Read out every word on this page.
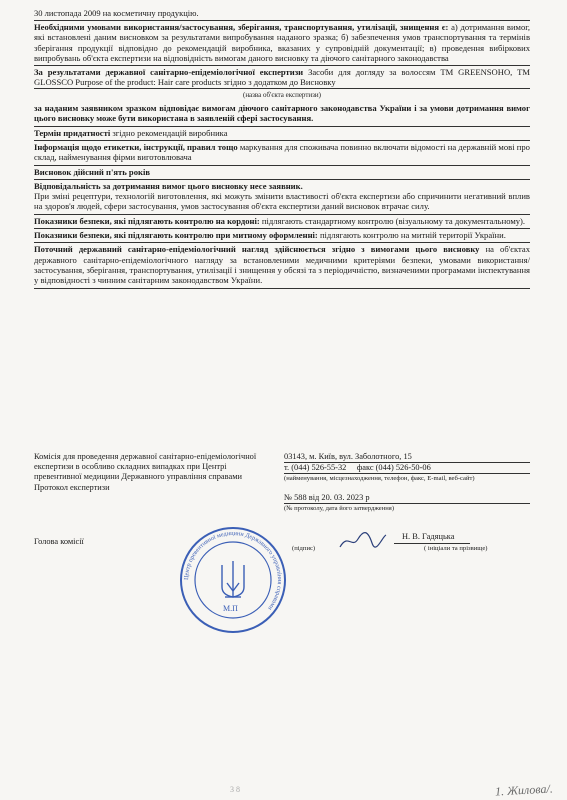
30 листопада 2009 на косметичну продукцію.
Необхідними умовами використання/застосування, зберігання, транспортування, утилізації, знищення є: а) дотримання вимог, які встановлені даним висновком за результатами випробування наданого зразка; б) забезпечення умов транспортування та термінів зберігання продукції відповідно до рекомендацій виробника, вказаних у супровідній документації; в) проведення вибіркових випробувань об'єкта експертизи на відповідність вимогам даного висновку та діючого санітарного законодавства
За результатами державної санітарно-епідеміологічної експертизи Засоби для догляду за волоссям TM GREENSOHO, TM GLOSSCO Purpose of the product: Hair care products згідно з додатком до Висновку
(назва об'єкта експертизи)
за наданим заявником зразком відповідає вимогам діючого санітарного законодавства України і за умови дотримання вимог цього висновку може бути використана в заявленій сфері застосування.
Термін придатності згідно рекомендацій виробника
Інформація щодо етикетки, інструкції, правил тощо маркування для споживача повинно включати відомості на державній мові про склад, найменування фірми виготовлювача
Висновок дійсний п'ять років
Відповідальність за дотримання вимог цього висновку несе заявник.
При зміні рецептури, технологій виготовлення, які можуть змінити властивості об'єкта експертизи або спричинити негативний вплив на здоров'я людей, сфери застосування, умов застосування об'єкта експертизи даний висновок втрачає силу.
Показники безпеки, які підлягають контролю на кордоні: підлягають стандартному контролю (візуальному та документальному).
Показники безпеки, які підлягають контролю при митному оформленні: підлягають контролю на митній території України.
Поточний державний санітарно-епідеміологічний нагляд здійснюється згідно з вимогами цього висновку на об'єктах державного санітарно-епідеміологічного нагляду за встановленими медичними критеріями безпеки, умовами використання/застосування, зберігання, транспортування, утилізації і знищення у обсязі та з періодичністю, визначеними програмами інспектування у відповідності з чинним санітарним законодавством України.
Комісія для проведення державної санітарно-епідеміологічної експертизи в особливо складних випадках при Центрі превентивної медицини Державного управління справами
Протокол експертизи
Голова комісії
03143, м. Київ, вул. Заболотного, 15
т. (044) 526-55-32 факс (044) 526-50-06
(найменування, місцезнаходження, телефон, факс, E-mail, веб-сайт)
№ 588 від 20. 03. 2023 р
(№ протоколу, дата його затвердження)
Н. В. Гадяцька
(підпис)	( ініціали та прізвище)
Центр превентивної медицини Державного управління справами
М.П
3 8	1. Жилова/.
